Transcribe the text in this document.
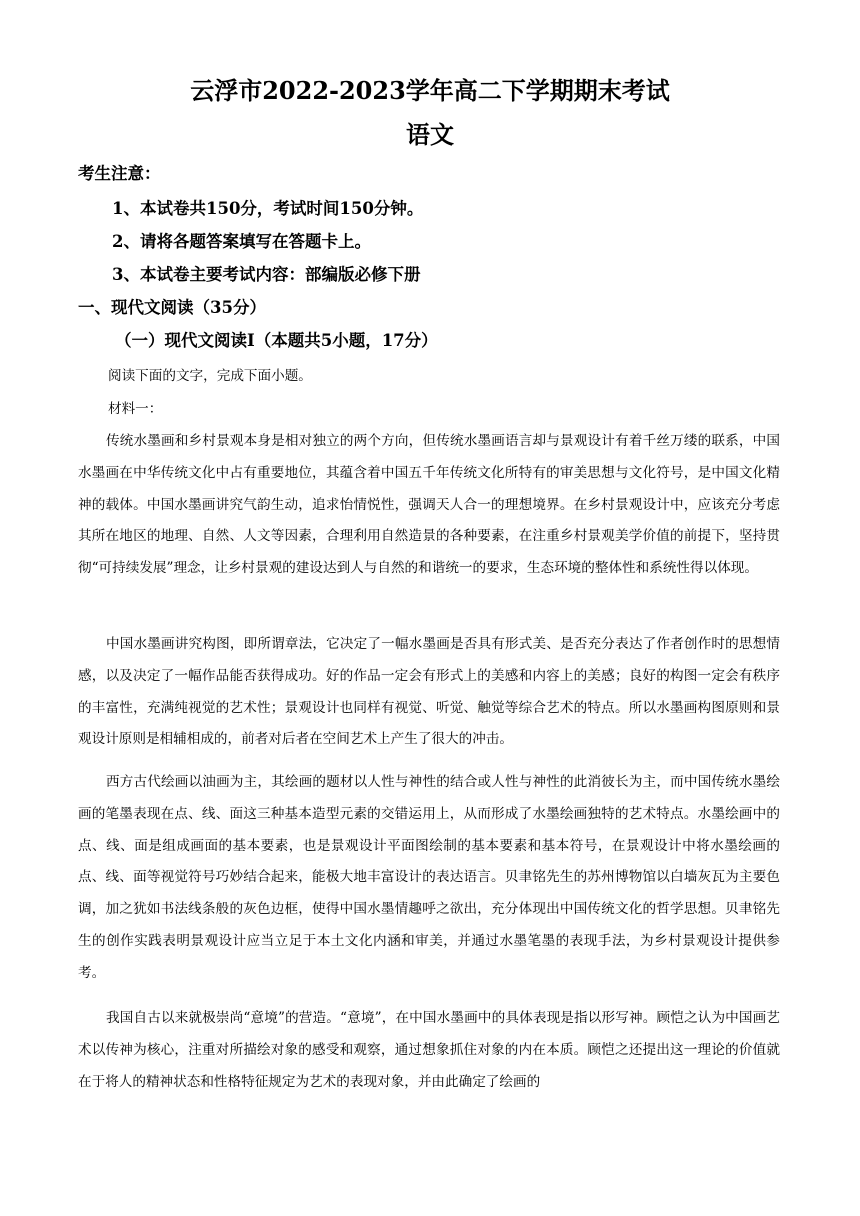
云浮市2022-2023学年高二下学期期末考试
语文
考生注意：
1、本试卷共150分，考试时间150分钟。
2、请将各题答案填写在答题卡上。
3、本试卷主要考试内容：部编版必修下册
一、现代文阅读（35分）
（一）现代文阅读Ⅰ（本题共5小题，17分）
阅读下面的文字，完成下面小题。
材料一：
传统水墨画和乡村景观本身是相对独立的两个方向，但传统水墨画语言却与景观设计有着千丝万缕的联系，中国水墨画在中华传统文化中占有重要地位，其蕴含着中国五千年传统文化所特有的审美思想与文化符号，是中国文化精神的载体。中国水墨画讲究气韵生动，追求怡情悦性，强调天人合一的理想境界。在乡村景观设计中，应该充分考虑其所在地区的地理、自然、人文等因素，合理利用自然造景的各种要素，在注重乡村景观美学价值的前提下，坚持贯彻“可持续发展”理念，让乡村景观的建设达到人与自然的和谐统一的要求，生态环境的整体性和系统性得以体现。
中国水墨画讲究构图，即所谓章法，它决定了一幅水墨画是否具有形式美、是否充分表达了作者创作时的思想情感，以及决定了一幅作品能否获得成功。好的作品一定会有形式上的美感和内容上的美感；良好的构图一定会有秩序的丰富性，充满纯视觉的艺术性；景观设计也同样有视觉、听觉、触觉等综合艺术的特点。所以水墨画构图原则和景观设计原则是相辅相成的，前者对后者在空间艺术上产生了很大的冲击。
西方古代绘画以油画为主，其绘画的题材以人性与神性的结合或人性与神性的此消彼长为主，而中国传统水墨绘画的笔墨表现在点、线、面这三种基本造型元素的交错运用上，从而形成了水墨绘画独特的艺术特点。水墨绘画中的点、线、面是组成画面的基本要素，也是景观设计平面图绘制的基本要素和基本符号，在景观设计中将水墨绘画的点、线、面等视觉符号巧妙结合起来，能极大地丰富设计的表达语言。贝聿铭先生的苏州博物馆以白墙灰瓦为主要色调，加之犹如书法线条般的灰色边框，使得中国水墨情趣呼之欲出，充分体现出中国传统文化的哲学思想。贝聿铭先生的创作实践表明景观设计应当立足于本土文化内涵和审美，并通过水墨笔墨的表现手法，为乡村景观设计提供参考。
我国自古以来就极崇尚“意境”的营造。“意境”，在中国水墨画中的具体表现是指以形写神。顾恺之认为中国画艺术以传神为核心，注重对所描绘对象的感受和观察，通过想象抓住对象的内在本质。顾恺之还提出这一理论的价值就在于将人的精神状态和性格特征规定为艺术的表现对象，并由此确定了绘画的
